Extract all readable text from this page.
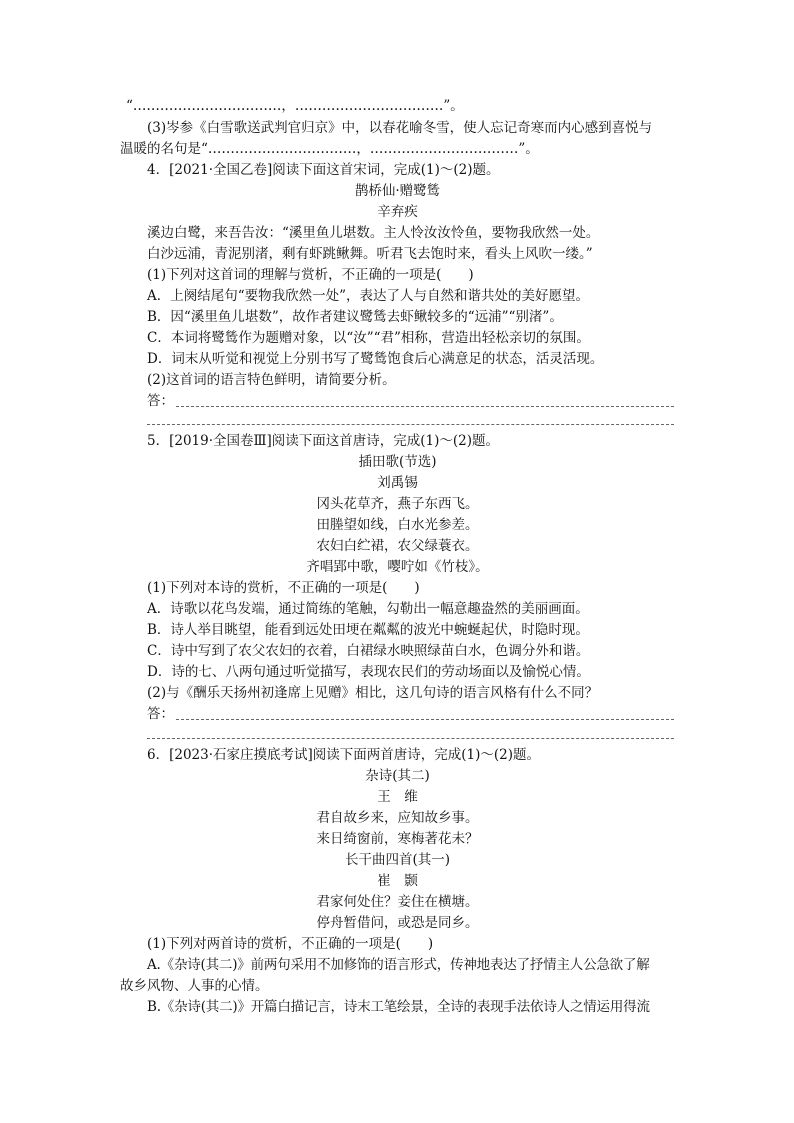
“……………………………，……………………………”。
(3)岑参《白雪歌送武判官归京》中，以春花喻冬雪，使人忘记奇寒而内心感到喜悦与
温暖的名句是“……………………………，……………………………”。
4．[2021·全国乙卷]阅读下面这首宋词，完成(1)～(2)题。
鹊桥仙·赠鹭鸶
辛弃疾
溪边白鹭，来吾告汝：“溪里鱼儿堪数。主人怜汝汝怜鱼，要物我欣然一处。
白沙远浦，青泥别渚，剩有虾跳鳅舞。听君飞去饱时来，看头上风吹一缕。”
(1)下列对这首词的理解与赏析，不正确的一项是(　　)
A．上阕结尾句“要物我欣然一处”，表达了人与自然和谐共处的美好愿望。
B．因“溪里鱼儿堪数”，故作者建议鹭鸶去虾鳅较多的“远浦”“别渚”。
C．本词将鹭鸶作为题赠对象，以“汝”“君”相称，营造出轻松亲切的氛围。
D．词末从听觉和视觉上分别书写了鹭鸶饱食后心满意足的状态，活灵活现。
(2)这首词的语言特色鲜明，请简要分析。
答：
5．[2019·全国卷Ⅲ]阅读下面这首唐诗，完成(1)～(2)题。
插田歌(节选)
刘禹锡
冈头花草齐，燕子东西飞。
田塍望如线，白水光参差。
农妇白纻裙，农父绿蓑衣。
齐唱郢中歌，嘤咛如《竹枝》。
(1)下列对本诗的赏析，不正确的一项是(　　)
A．诗歌以花鸟发端，通过简练的笔触，勾勒出一幅意趣盎然的美丽画面。
B．诗人举目眺望，能看到远处田埂在粼粼的波光中蜿蜒起伏，时隐时现。
C．诗中写到了农父农妇的衣着，白裙绿水映照绿苗白水，色调分外和谐。
D．诗的七、八两句通过听觉描写，表现农民们的劳动场面以及愉悦心情。
(2)与《酬乐天扬州初逢席上见赠》相比，这几句诗的语言风格有什么不同？
答：
6．[2023·石家庄摸底考试]阅读下面两首唐诗，完成(1)～(2)题。
杂诗(其二)
王　维
君自故乡来，应知故乡事。
来日绮窗前，寒梅著花未？
长干曲四首(其一)
崔　颢
君家何处住？妾住在横塘。
停舟暂借问，或恐是同乡。
(1)下列对两首诗的赏析，不正确的一项是(　　)
A.《杂诗(其二)》前两句采用不加修饰的语言形式，传神地表达了抒情主人公急欲了解
故乡风物、人事的心情。
B.《杂诗(其二)》开篇白描记言，诗末工笔绘景，全诗的表现手法依诗人之情运用得流
